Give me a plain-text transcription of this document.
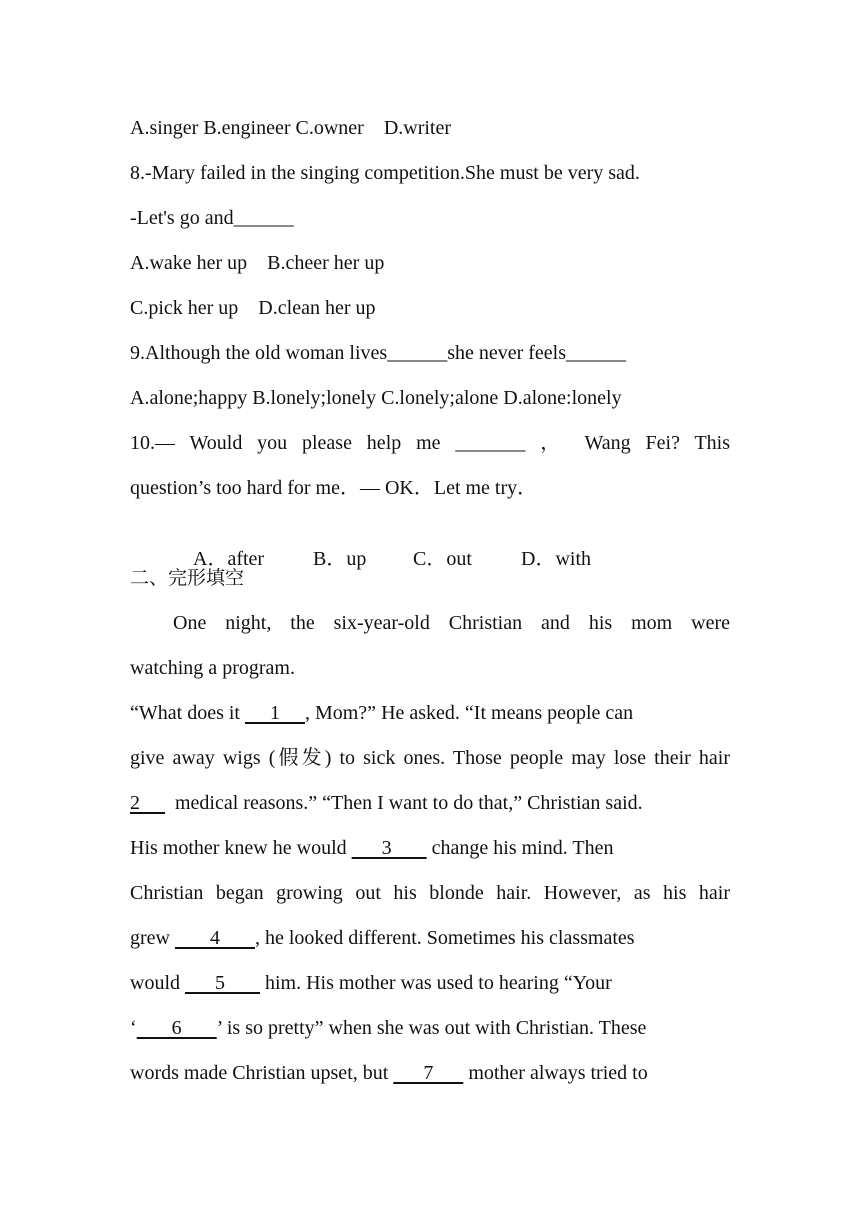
A.singer B.engineer C.owner    D.writer
8.-Mary failed in the singing competition.She must be very sad.
-Let's go and______
A.wake her up    B.cheer her up
C.pick her up    D.clean her up
9.Although the old woman lives______she never feels______
A.alone;happy B.lonely;lonely C.lonely;alone D.alone:lonely
10.— Would you please help me _______ ， Wang Fei? This
question’s too hard for me．— OK．Let me try．

A．after B．up C．out D．with

二、完形填空
One night, the six-year-old Christian and his mom were
watching a program.
“What does it      1     , Mom?” He asked. “It means people can
give away wigs (假发) to sick ones. Those people may lose their hair
2       medical reasons.” “Then I want to do that,” Christian said.
His mother knew he would       3        change his mind. Then
Christian began growing out his blonde hair. However, as his hair
grew        4       , he looked different. Sometimes his classmates
would       5        him. His mother was used to hearing “Your
‘       6       ’ is so pretty” when she was out with Christian. These
words made Christian upset, but       7       mother always tried to
